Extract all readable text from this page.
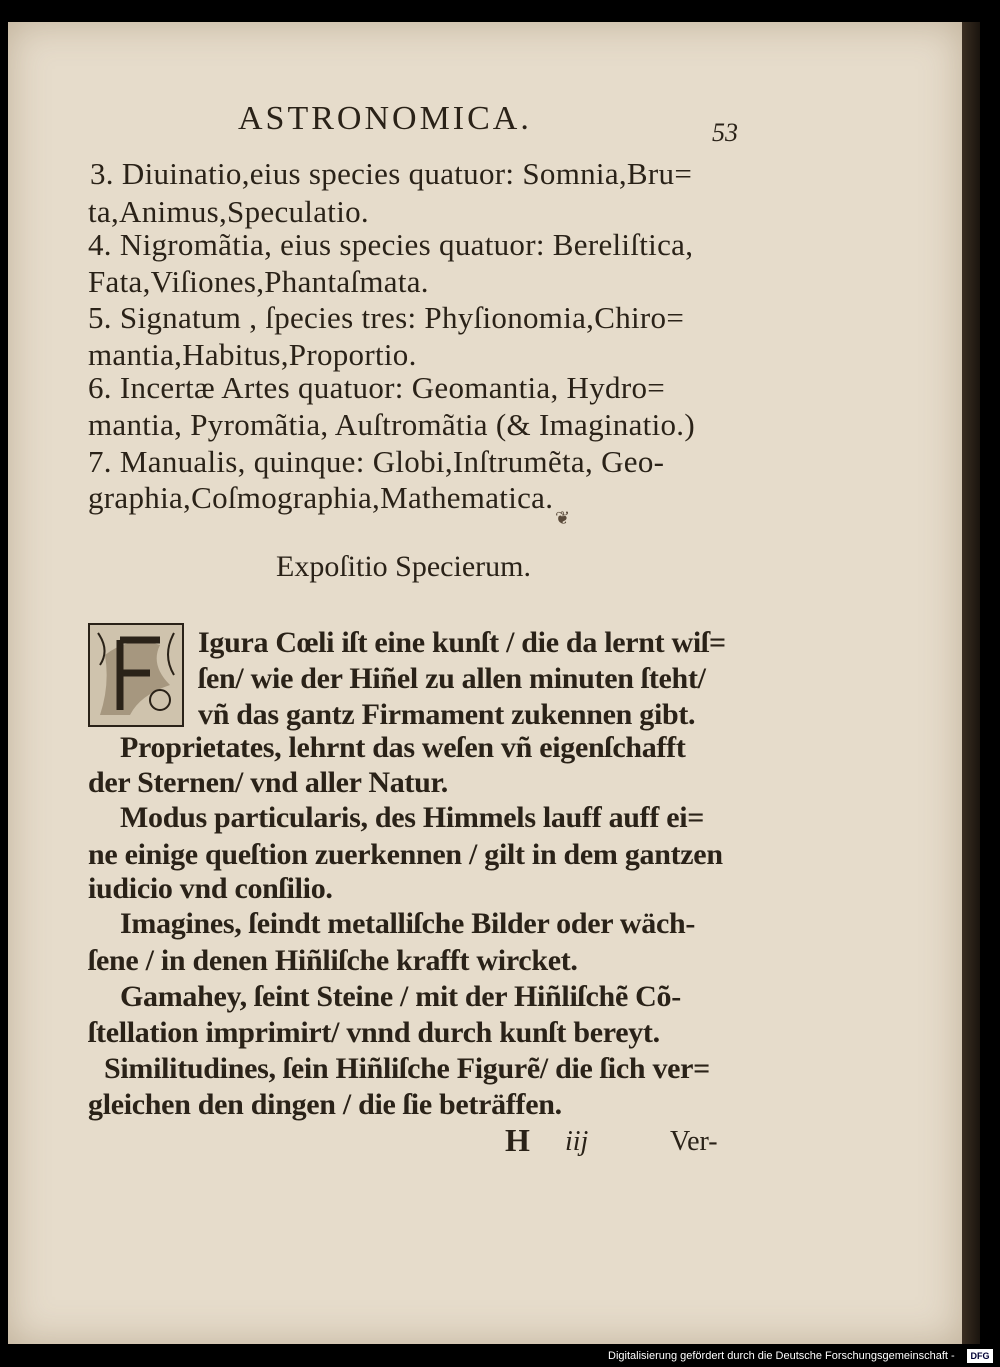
ASTRONOMICA.	53
3. Diuinatio,eius species quatuor: Somnia,Bru=
ta,Animus,Speculatio.
4. Nigromãtia, eius species quatuor: Bereliſtica,
Fata,Viſiones,Phantaſmata.
5. Signatum , ſpecies tres: Phyſionomia,Chiro=
mantia,Habitus,Proportio.
6. Incertæ Artes quatuor: Geomantia, Hydro=
mantia, Pyromãtia, Auſtromãtia (& Imaginatio.)
7. Manualis, quinque: Globi,Inſtrumẽta, Geo-
graphia,Coſmographia,Mathematica.
❦
Expoſitio Specierum.
Igura Cœli iſt eine kunſt / die da lernt wiſ=
ſen/ wie der Hiñel zu allen minuten ſteht/
vñ das gantz Firmament zukennen gibt.
Proprietates, lehrnt das weſen vñ eigenſchafft
der Sternen/ vnd aller Natur.
Modus particularis, des Himmels lauff auff ei=
ne einige queſtion zuerkennen / gilt in dem gantzen
iudicio vnd conſilio.
Imagines, ſeindt metalliſche Bilder oder wäch-
ſene / in denen Hiñliſche krafft wircket.
Gamahey, ſeint Steine / mit der Hiñliſchẽ Cõ-
ſtellation imprimirt/ vnnd durch kunſt bereyt.
Similitudines, ſein Hiñliſche Figurẽ/ die ſich ver=
gleichen den dingen / die ſie beträffen.
H iij	Ver-
Digitalisierung gefördert durch die Deutsche Forschungsgemeinschaft -	DFG
